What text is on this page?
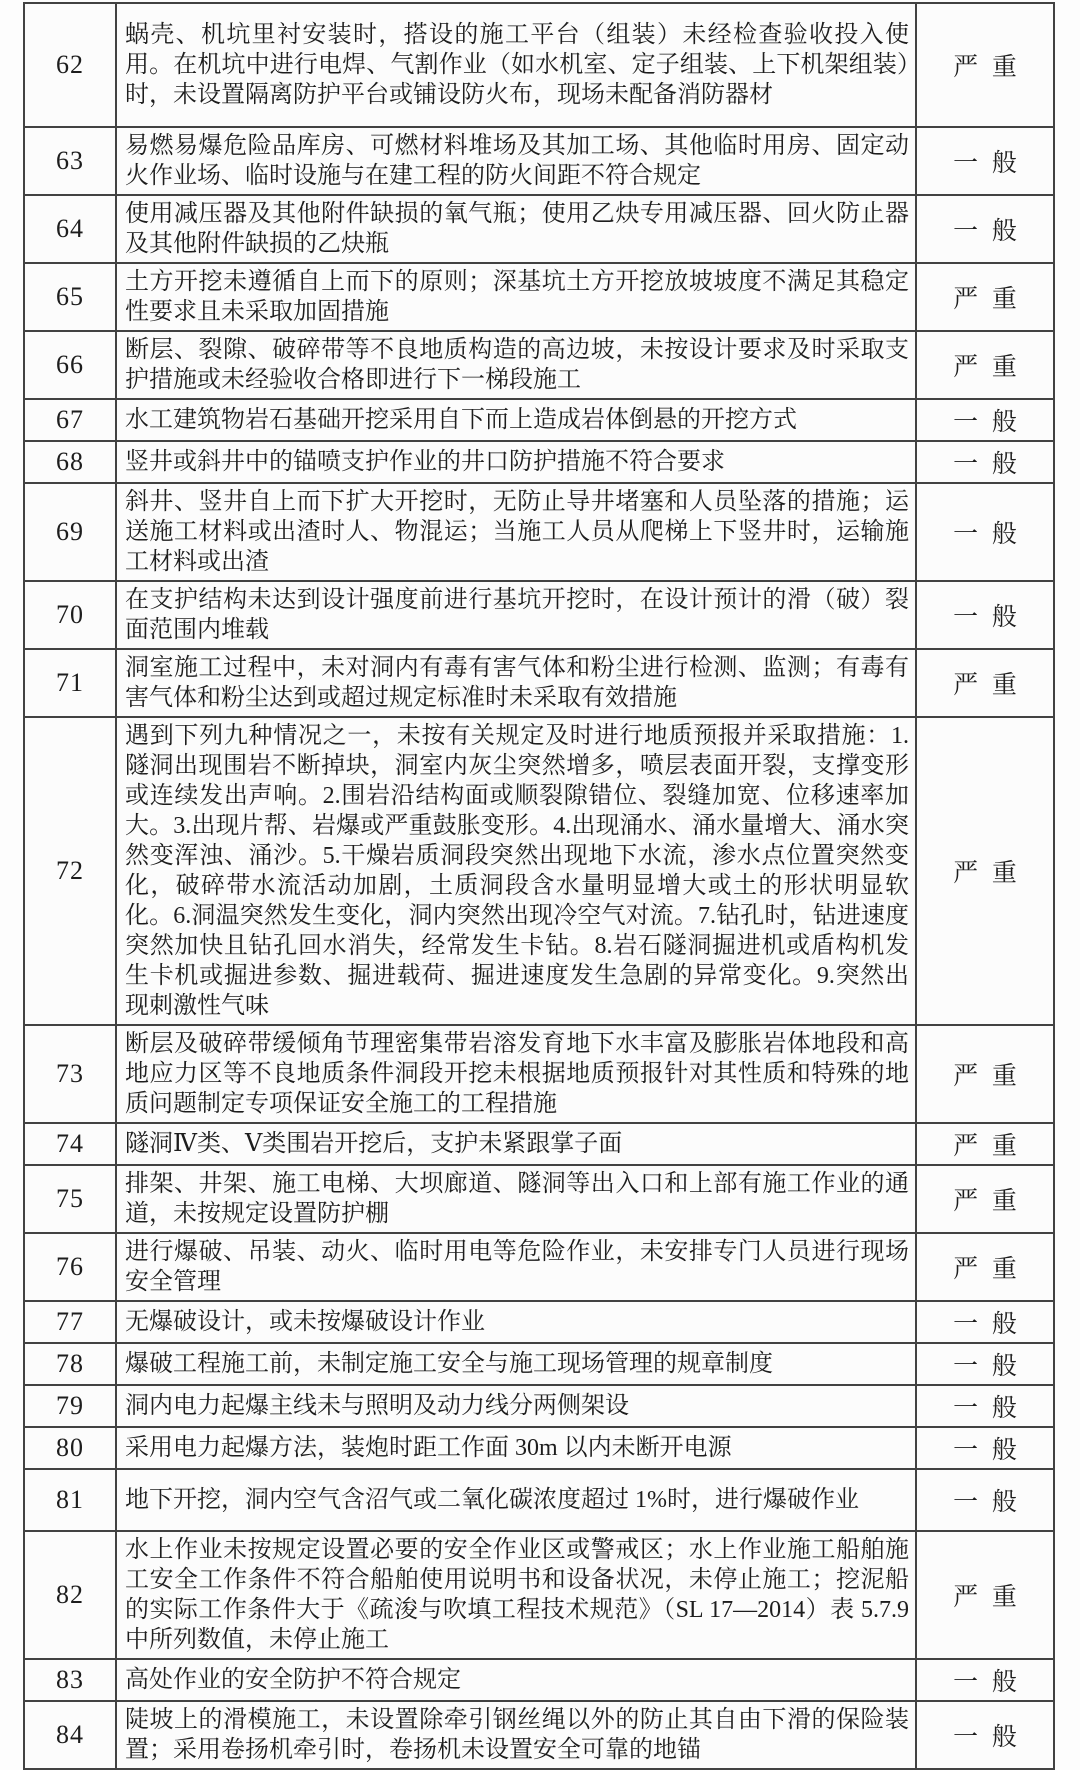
62	蜗壳、机坑里衬安装时，搭设的施工平台（组装）未经检查验收投入使用。在机坑中进行电焊、气割作业（如水机室、定子组装、上下机架组装）时，未设置隔离防护平台或铺设防火布，现场未配备消防器材	严重
63	易燃易爆危险品库房、可燃材料堆场及其加工场、其他临时用房、固定动火作业场、临时设施与在建工程的防火间距不符合规定	一般
64	使用减压器及其他附件缺损的氧气瓶；使用乙炔专用减压器、回火防止器及其他附件缺损的乙炔瓶	一般
65	土方开挖未遵循自上而下的原则；深基坑土方开挖放坡坡度不满足其稳定性要求且未采取加固措施	严重
66	断层、裂隙、破碎带等不良地质构造的高边坡，未按设计要求及时采取支护措施或未经验收合格即进行下一梯段施工	严重
67	水工建筑物岩石基础开挖采用自下而上造成岩体倒悬的开挖方式	一般
68	竖井或斜井中的锚喷支护作业的井口防护措施不符合要求	一般
69	斜井、竖井自上而下扩大开挖时，无防止导井堵塞和人员坠落的措施；运送施工材料或出渣时人、物混运；当施工人员从爬梯上下竖井时，运输施工材料或出渣	一般
70	在支护结构未达到设计强度前进行基坑开挖时，在设计预计的滑（破）裂面范围内堆载	一般
71	洞室施工过程中，未对洞内有毒有害气体和粉尘进行检测、监测；有毒有害气体和粉尘达到或超过规定标准时未采取有效措施	严重
72	遇到下列九种情况之一，未按有关规定及时进行地质预报并采取措施：1.隧洞出现围岩不断掉块，洞室内灰尘突然增多，喷层表面开裂，支撑变形或连续发出声响。2.围岩沿结构面或顺裂隙错位、裂缝加宽、位移速率加大。3.出现片帮、岩爆或严重鼓胀变形。4.出现涌水、涌水量增大、涌水突然变浑浊、涌沙。5.干燥岩质洞段突然出现地下水流，渗水点位置突然变化，破碎带水流活动加剧，土质洞段含水量明显增大或土的形状明显软化。6.洞温突然发生变化，洞内突然出现冷空气对流。7.钻孔时，钻进速度突然加快且钻孔回水消失，经常发生卡钻。8.岩石隧洞掘进机或盾构机发生卡机或掘进参数、掘进载荷、掘进速度发生急剧的异常变化。9.突然出现刺激性气味	严重
73	断层及破碎带缓倾角节理密集带岩溶发育地下水丰富及膨胀岩体地段和高地应力区等不良地质条件洞段开挖未根据地质预报针对其性质和特殊的地质问题制定专项保证安全施工的工程措施	严重
74	隧洞Ⅳ类、Ⅴ类围岩开挖后，支护未紧跟掌子面	严重
75	排架、井架、施工电梯、大坝廊道、隧洞等出入口和上部有施工作业的通道，未按规定设置防护棚	严重
76	进行爆破、吊装、动火、临时用电等危险作业，未安排专门人员进行现场安全管理	严重
77	无爆破设计，或未按爆破设计作业	一般
78	爆破工程施工前，未制定施工安全与施工现场管理的规章制度	一般
79	洞内电力起爆主线未与照明及动力线分两侧架设	一般
80	采用电力起爆方法，装炮时距工作面 30m 以内未断开电源	一般
81	地下开挖，洞内空气含沼气或二氧化碳浓度超过 1%时，进行爆破作业	一般
82	水上作业未按规定设置必要的安全作业区或警戒区；水上作业施工船舶施工安全工作条件不符合船舶使用说明书和设备状况，未停止施工；挖泥船的实际工作条件大于《疏浚与吹填工程技术规范》（SL 17—2014）表 5.7.9 中所列数值，未停止施工	严重
83	高处作业的安全防护不符合规定	一般
84	陡坡上的滑模施工，未设置除牵引钢丝绳以外的防止其自由下滑的保险装置；采用卷扬机牵引时，卷扬机未设置安全可靠的地锚	一般
